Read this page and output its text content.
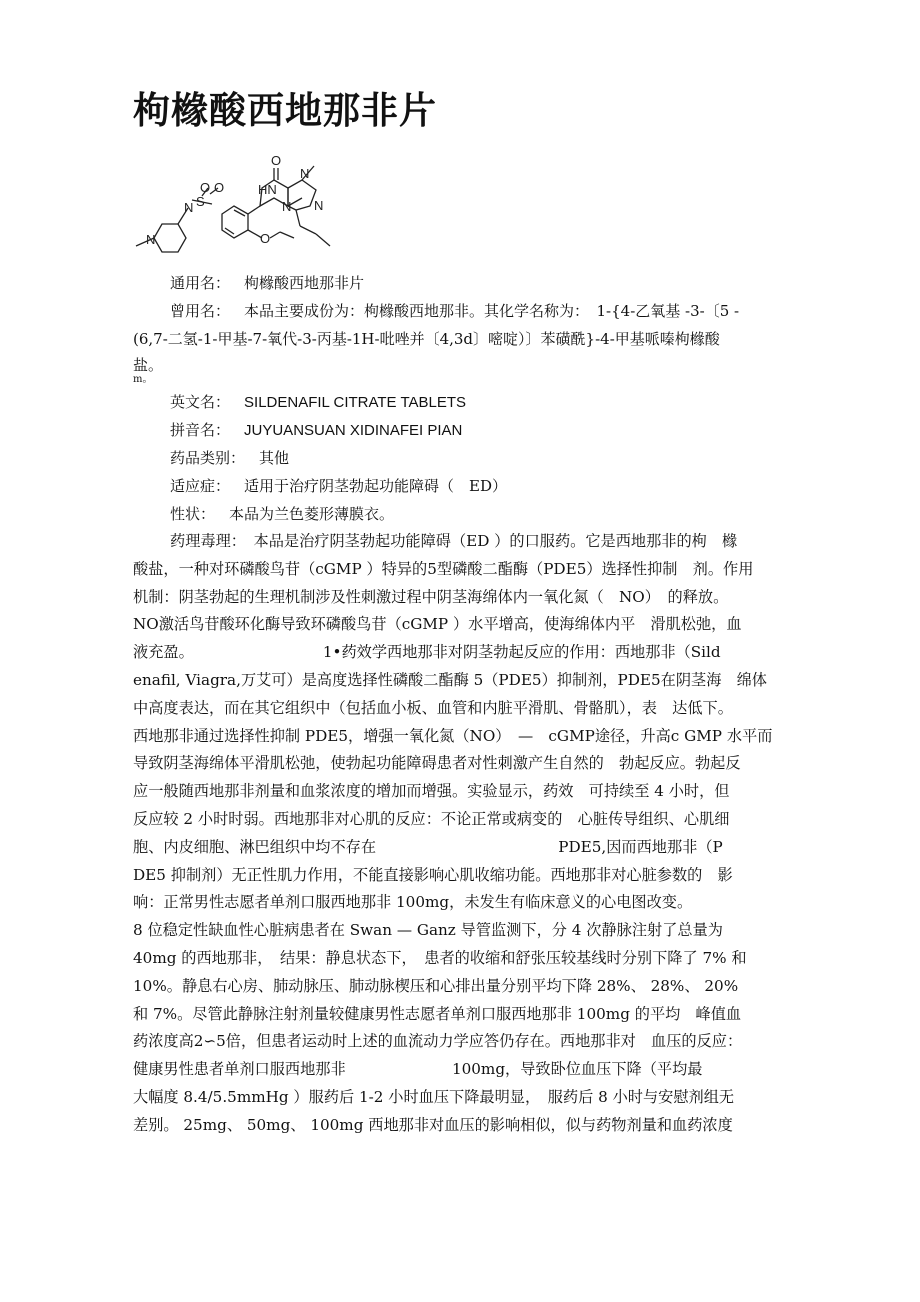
枸橼酸西地那非片
O
HN
N
N
N
S
O O
N
N	O
通用名： 枸橼酸西地那非片
曾用名： 本品主要成份为：枸橼酸西地那非。其化学名称为：　1-{4-乙氧基 -3-〔5 -
(6,7-二氢-1-甲基-7-氧代-3-丙基-1H-吡唑并〔4,3d〕嘧啶）〕苯磺酰}-4-甲基哌嗪枸橼酸
盐。
m。
英文名： SILDENAFIL CITRATE TABLETS
拼音名： JUYUANSUAN XIDINAFEI PIAN
药品类别： 其他
适应症： 适用于治疗阴茎勃起功能障碍（　ED）
性状： 本品为兰色菱形薄膜衣。

药理毒理：　本品是治疗阴茎勃起功能障碍（ED ）的口服药。它是西地那非的枸　橼

酸盐，一种对环磷酸鸟苷（cGMP ）特异的5型磷酸二酯酶（PDE5）选择性抑制　剂。作用

机制：阴茎勃起的生理机制涉及性刺激过程中阴茎海绵体内一氧化氮（　NO）　的释放。

NO激活鸟苷酸环化酶导致环磷酸鸟苷（cGMP ）水平增高，使海绵体内平　滑肌松弛，血

液充盈。　　　　　　　　　1•药效学西地那非对阴茎勃起反应的作用：西地那非（Sild

enafil, Viagra,万艾可）是高度选择性磷酸二酯酶 5（PDE5）抑制剂，PDE5在阴茎海　绵体

中高度表达，而在其它组织中（包括血小板、血管和内脏平滑肌、骨骼肌），表　达低下。

西地那非通过选择性抑制 PDE5，增强一氧化氮（NO）　—　cGMP途径，升高c GMP 水平而

导致阴茎海绵体平滑肌松弛，使勃起功能障碍患者对性刺激产生自然的　勃起反应。勃起反

应一般随西地那非剂量和血浆浓度的增加而增强。实验显示，药效　可持续至 4 小时，但

反应较 2 小时时弱。西地那非对心肌的反应：不论正常或病变的　心脏传导组织、心肌细

胞、内皮细胞、淋巴组织中均不存在　　　　　　　　　　　　PDE5,因而西地那非（P

DE5 抑制剂）无正性肌力作用，不能直接影响心肌收缩功能。西地那非对心脏参数的　影

响：正常男性志愿者单剂口服西地那非 100mg，未发生有临床意义的心电图改变。

8 位稳定性缺血性心脏病患者在 Swan — Ganz 导管监测下，分 4 次静脉注射了总量为

40mg 的西地那非，　结果：静息状态下，　患者的收缩和舒张压较基线时分别下降了 7% 和

10%。静息右心房、肺动脉压、肺动脉楔压和心排出量分别平均下降 28%、 28%、 20%

和 7%。尽管此静脉注射剂量较健康男性志愿者单剂口服西地那非 100mg 的平均　峰值血

药浓度高2∽5倍，但患者运动时上述的血流动力学应答仍存在。西地那非对　血压的反应：

健康男性患者单剂口服西地那非　　　　　　　100mg，导致卧位血压下降（平均最

大幅度 8.4/5.5mmHg ）服药后 1-2 小时血压下降最明显，　服药后 8 小时与安慰剂组无

差别。 25mg、 50mg、 100mg 西地那非对血压的影响相似，似与药物剂量和血药浓度
